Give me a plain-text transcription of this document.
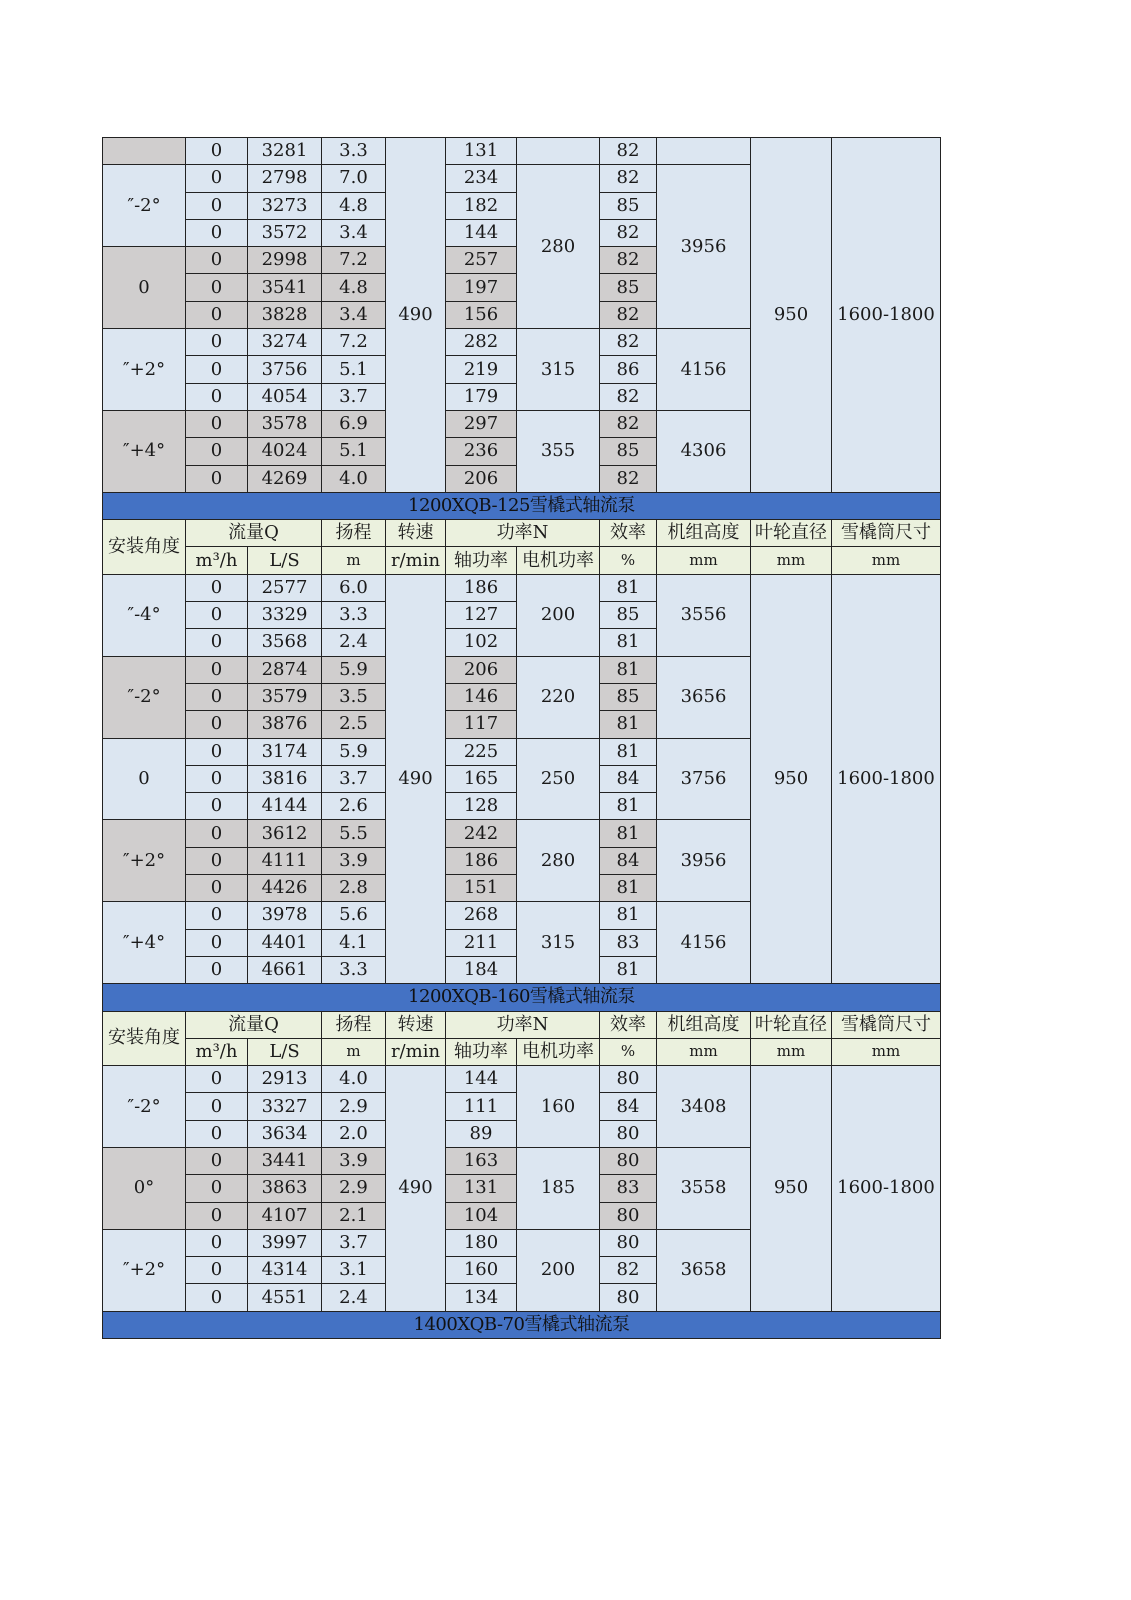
	0	3281	3.3	490	131		82		950	1600-1800
″-2°	0	2798	7.0		234	280	82	3956		
	0	3273	4.8		182		85			
	0	3572	3.4		144		82			
0	0	2998	7.2		257		82			
	0	3541	4.8		197		85			
	0	3828	3.4		156		82			
″+2°	0	3274	7.2		282	315	82	4156		
	0	3756	5.1		219		86			
	0	4054	3.7		179		82			
″+4°	0	3578	6.9		297	355	82	4306		
	0	4024	5.1		236		85			
	0	4269	4.0		206		82			
1200XQB-125雪橇式轴流泵										
安装角度	流量Q		扬程	转速	功率N		效率	机组高度	叶轮直径	雪橇筒尺寸
	m³/h	L/S	m	r/min	轴功率	电机功率	%	mm	mm	mm
″-4°	0	2577	6.0	490	186	200	81	3556	950	1600-1800
	0	3329	3.3		127		85			
	0	3568	2.4		102		81			
″-2°	0	2874	5.9		206	220	81	3656		
	0	3579	3.5		146		85			
	0	3876	2.5		117		81			
0	0	3174	5.9		225	250	81	3756		
	0	3816	3.7		165		84			
	0	4144	2.6		128		81			
″+2°	0	3612	5.5		242	280	81	3956		
	0	4111	3.9		186		84			
	0	4426	2.8		151		81			
″+4°	0	3978	5.6		268	315	81	4156		
	0	4401	4.1		211		83			
	0	4661	3.3		184		81			
1200XQB-160雪橇式轴流泵										
安装角度	流量Q		扬程	转速	功率N		效率	机组高度	叶轮直径	雪橇筒尺寸
	m³/h	L/S	m	r/min	轴功率	电机功率	%	mm	mm	mm
″-2°	0	2913	4.0	490	144	160	80	3408	950	1600-1800
	0	3327	2.9		111		84			
	0	3634	2.0		89		80			
0°	0	3441	3.9		163	185	80	3558		
	0	3863	2.9		131		83			
	0	4107	2.1		104		80			
″+2°	0	3997	3.7		180	200	80	3658		
	0	4314	3.1		160		82			
	0	4551	2.4		134		80			
1400XQB-70雪橇式轴流泵										
